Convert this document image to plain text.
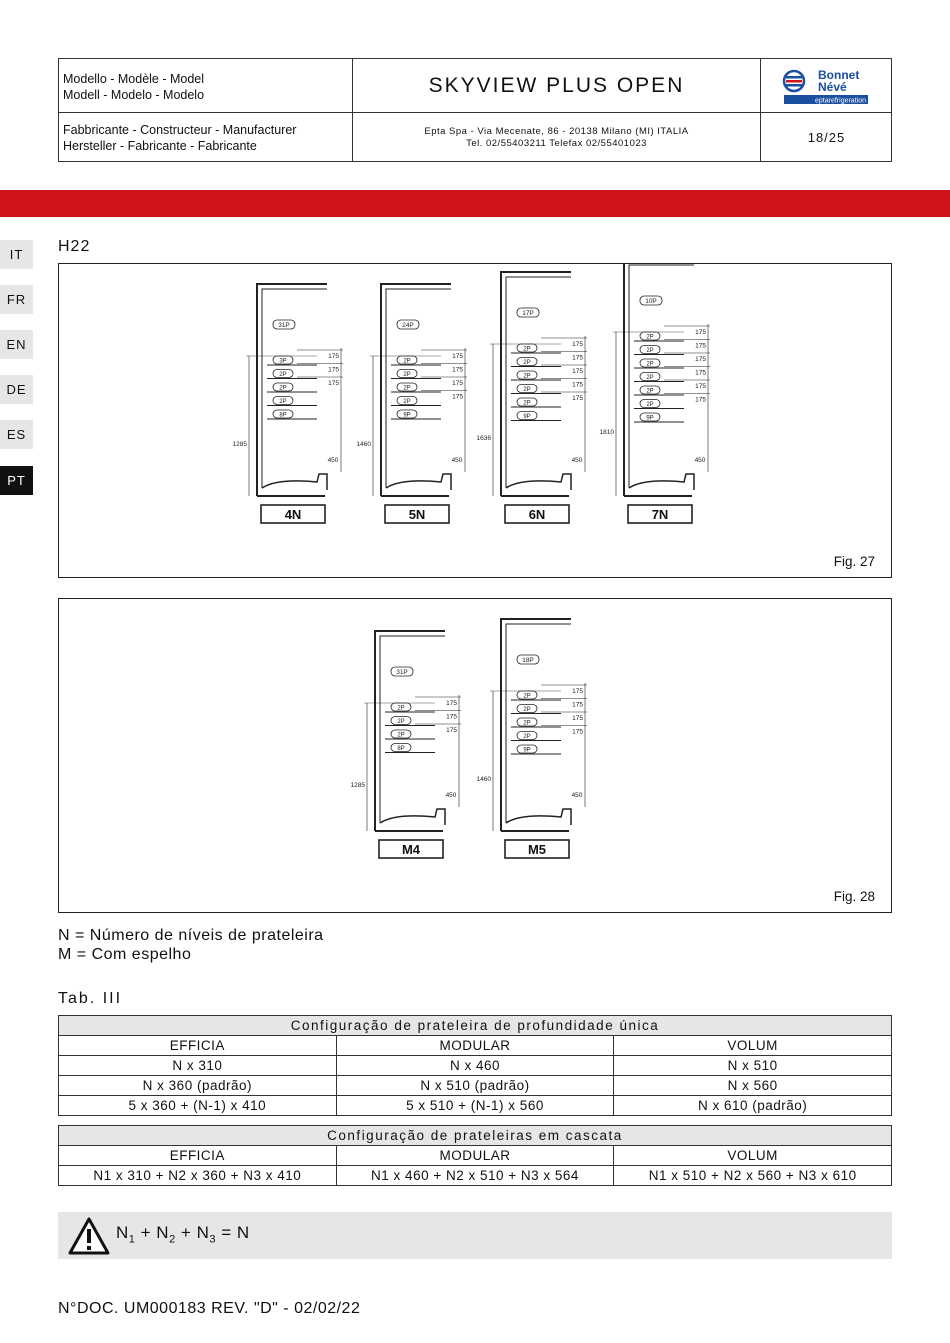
Modello - Modèle - Model
Modell - Modelo - Modelo	SKYVIEW PLUS OPEN
Fabbricante - Constructeur - Manufacturer
Hersteller - Fabricante - Fabricante
Epta Spa - Via Mecenate, 86 - 20138 Milano (MI) ITALIA
Tel. 02/55403211 Telefax 02/55401023	18/25
Bonnet
Névé
eptarefrigeration
IT
FR
EN
DE
ES
PT
H22
31P
3P
2P
2P
2P
8P
175
175
175
450
1285
4N
24P
2P
2P
2P
2P
9P
175
175
175
175
450
1460
5N
17P
2P
2P
2P
2P
2P
9P
175
175
175
175
175
450
1636
6N
10P
2P
2P
2P
2P
2P
2P
9P
175
175
175
175
175
175
450
1810
7N
Fig. 27
31P
2P
2P
2P
8P
175
175
175
450
1285
M4
18P
2P
2P
2P
2P
9P
175
175
175
175
450
1460
M5
Fig. 28
N = Número de níveis de prateleira
M = Com espelho
Tab. III
Configuração de prateleira de profundidade única		
EFFICIA	MODULAR	VOLUM
N x 310	N x 460	N x 510
N x 360 (padrão)	N x 510 (padrão)	N x 560
5 x 360 + (N-1) x 410	5 x 510 + (N-1) x 560	N x 610 (padrão)
Configuração de prateleiras em cascata		
EFFICIA	MODULAR	VOLUM
N1 x 310 + N2 x 360 + N3 x 410	N1 x 460 + N2 x 510 + N3 x 564	N1 x 510 + N2 x 560 + N3 x 610
$N_1 + N_2 + N_3 = N$
N°DOC. UM000183 REV. "D" - 02/02/22
